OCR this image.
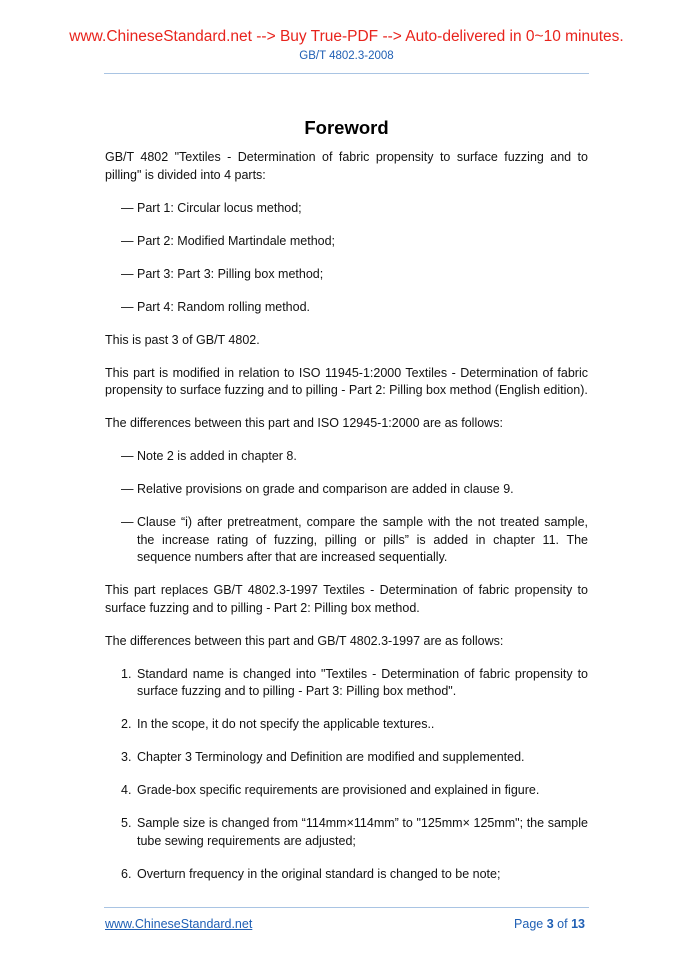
www.ChineseStandard.net --> Buy True-PDF --> Auto-delivered in 0~10 minutes.
GB/T 4802.3-2008
Foreword

GB/T 4802 "Textiles - Determination of fabric propensity to surface fuzzing and to pilling" is divided into 4 parts:

— Part 1: Circular locus method;
— Part 2: Modified Martindale method;
— Part 3: Part 3: Pilling box method;
— Part 4: Random rolling method.

This is past 3 of GB/T 4802.

This part is modified in relation to ISO 11945-1:2000 Textiles - Determination of fabric propensity to surface fuzzing and to pilling - Part 2: Pilling box method (English edition).

The differences between this part and ISO 12945-1:2000 are as follows:

— Note 2 is added in chapter 8.
— Relative provisions on grade and comparison are added in clause 9.
— Clause “i) after pretreatment, compare the sample with the not treated sample, the increase rating of fuzzing, pilling or pills” is added in chapter 11. The sequence numbers after that are increased sequentially.

This part replaces GB/T 4802.3-1997 Textiles - Determination of fabric propensity to surface fuzzing and to pilling - Part 2: Pilling box method.

The differences between this part and GB/T 4802.3-1997 are as follows:

1. Standard name is changed into "Textiles - Determination of fabric propensity to surface fuzzing and to pilling - Part 3: Pilling box method".
2. In the scope, it do not specify the applicable textures..
3. Chapter 3 Terminology and Definition are modified and supplemented.
4. Grade-box specific requirements are provisioned and explained in figure.
5. Sample size is changed from “114mm×114mm” to "125mm× 125mm"; the sample tube sewing requirements are adjusted;
6. Overturn frequency in the original standard is changed to be note;
www.ChineseStandard.net	Page 3 of 13
